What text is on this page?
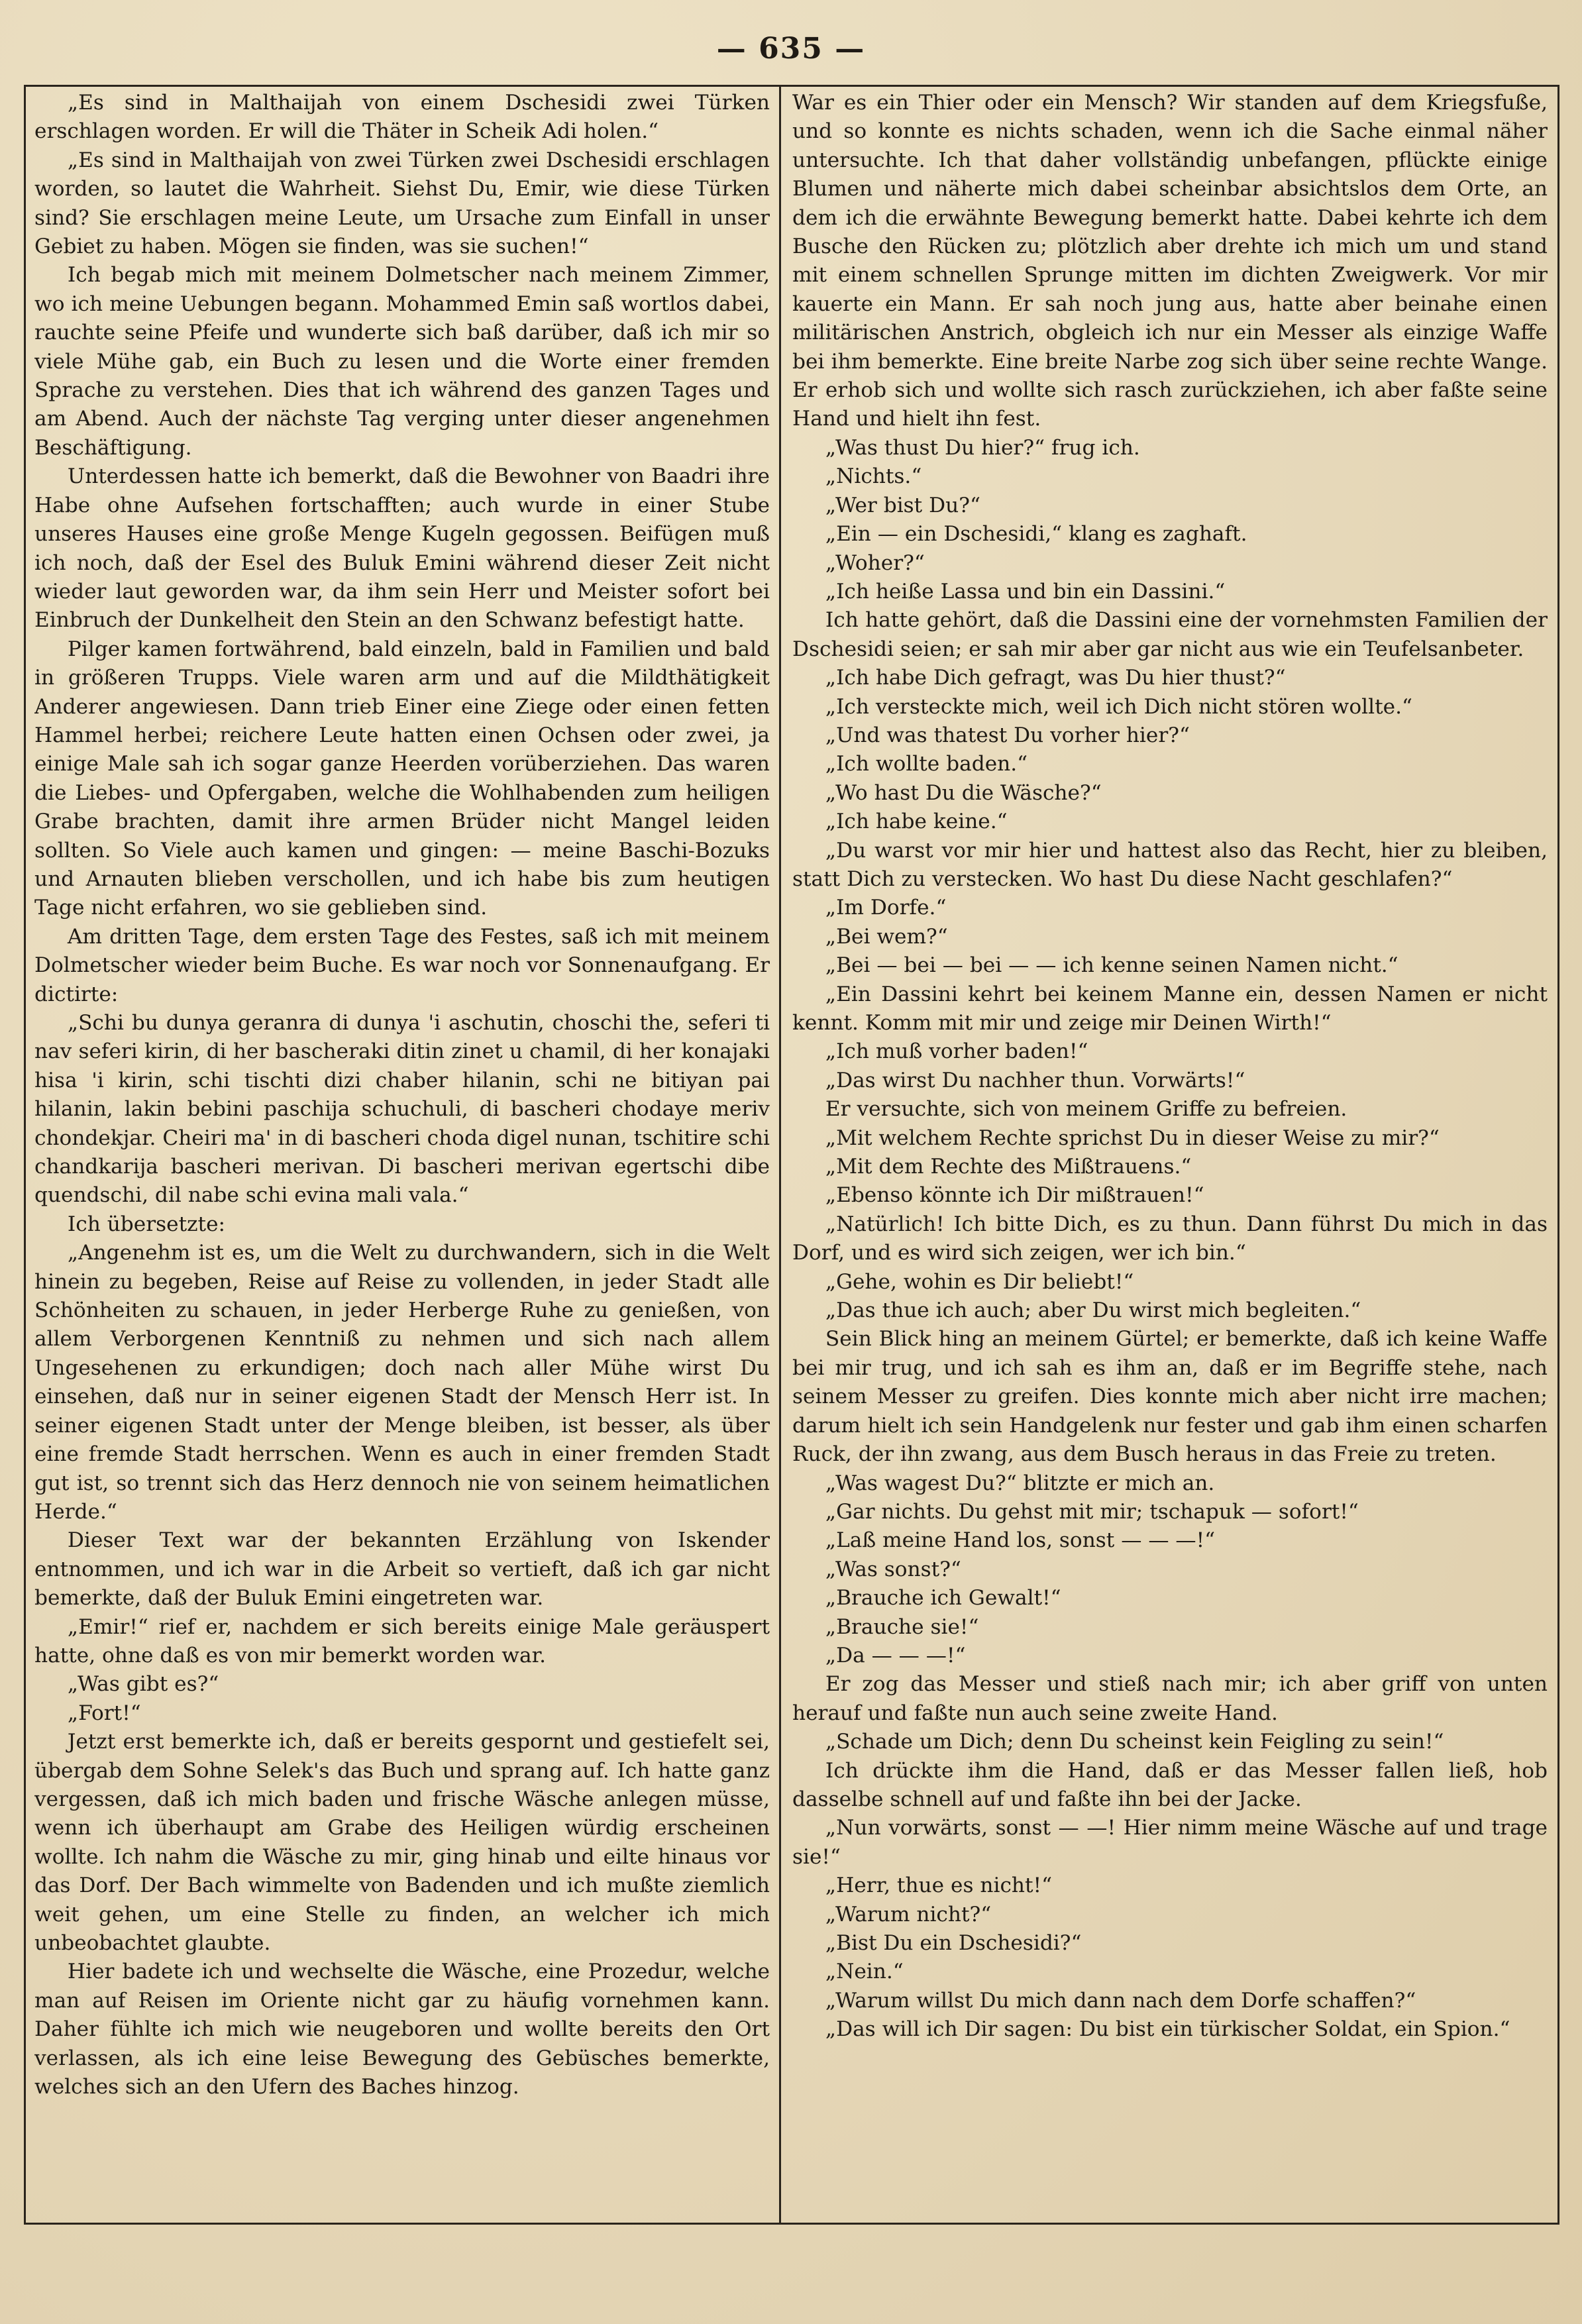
— 635 —

„Es sind in Malthaijah von einem Dschesidi zwei Türken erschlagen worden. Er will die Thäter in Scheik Adi holen.“

„Es sind in Malthaijah von zwei Türken zwei Dschesidi erschlagen worden, so lautet die Wahrheit. Siehst Du, Emir, wie diese Türken sind? Sie erschlagen meine Leute, um Ursache zum Einfall in unser Gebiet zu haben. Mögen sie finden, was sie suchen!“

Ich begab mich mit meinem Dolmetscher nach meinem Zimmer, wo ich meine Uebungen begann. Mohammed Emin saß wortlos dabei, rauchte seine Pfeife und wunderte sich baß darüber, daß ich mir so viele Mühe gab, ein Buch zu lesen und die Worte einer fremden Sprache zu verstehen. Dies that ich während des ganzen Tages und am Abend. Auch der nächste Tag verging unter dieser angenehmen Beschäftigung.

Unterdessen hatte ich bemerkt, daß die Bewohner von Baadri ihre Habe ohne Aufsehen fortschafften; auch wurde in einer Stube unseres Hauses eine große Menge Kugeln gegossen. Beifügen muß ich noch, daß der Esel des Buluk Emini während dieser Zeit nicht wieder laut geworden war, da ihm sein Herr und Meister sofort bei Einbruch der Dunkelheit den Stein an den Schwanz befestigt hatte.

Pilger kamen fortwährend, bald einzeln, bald in Familien und bald in größeren Trupps. Viele waren arm und auf die Mildthätigkeit Anderer angewiesen. Dann trieb Einer eine Ziege oder einen fetten Hammel herbei; reichere Leute hatten einen Ochsen oder zwei, ja einige Male sah ich sogar ganze Heerden vorüberziehen. Das waren die Liebes- und Opfergaben, welche die Wohlhabenden zum heiligen Grabe brachten, damit ihre armen Brüder nicht Mangel leiden sollten. So Viele auch kamen und gingen: — meine Baschi-Bozuks und Arnauten blieben verschollen, und ich habe bis zum heutigen Tage nicht erfahren, wo sie geblieben sind.

Am dritten Tage, dem ersten Tage des Festes, saß ich mit meinem Dolmetscher wieder beim Buche. Es war noch vor Sonnenaufgang. Er dictirte:

„Schi bu dunya geranra di dunya 'i aschutin, choschi the, seferi ti nav seferi kirin, di her bascheraki ditin zinet u chamil, di her konajaki hisa 'i kirin, schi tischti dizi chaber hilanin, schi ne bitiyan pai hilanin, lakin bebini paschija schuchuli, di bascheri chodaye meriv chondekjar. Cheiri ma' in di bascheri choda digel nunan, tschitire schi chandkarija bascheri merivan. Di bascheri merivan egertschi dibe quendschi, dil nabe schi evina mali vala.“

Ich übersetzte:

„Angenehm ist es, um die Welt zu durchwandern, sich in die Welt hinein zu begeben, Reise auf Reise zu vollenden, in jeder Stadt alle Schönheiten zu schauen, in jeder Herberge Ruhe zu genießen, von allem Verborgenen Kenntniß zu nehmen und sich nach allem Ungesehenen zu erkundigen; doch nach aller Mühe wirst Du einsehen, daß nur in seiner eigenen Stadt der Mensch Herr ist. In seiner eigenen Stadt unter der Menge bleiben, ist besser, als über eine fremde Stadt herrschen. Wenn es auch in einer fremden Stadt gut ist, so trennt sich das Herz dennoch nie von seinem heimatlichen Herde.“

Dieser Text war der bekannten Erzählung von Iskender entnommen, und ich war in die Arbeit so vertieft, daß ich gar nicht bemerkte, daß der Buluk Emini eingetreten war.

„Emir!“ rief er, nachdem er sich bereits einige Male geräuspert hatte, ohne daß es von mir bemerkt worden war.

„Was gibt es?“

„Fort!“

Jetzt erst bemerkte ich, daß er bereits gespornt und gestiefelt sei, übergab dem Sohne Selek's das Buch und sprang auf. Ich hatte ganz vergessen, daß ich mich baden und frische Wäsche anlegen müsse, wenn ich überhaupt am Grabe des Heiligen würdig erscheinen wollte. Ich nahm die Wäsche zu mir, ging hinab und eilte hinaus vor das Dorf. Der Bach wimmelte von Badenden und ich mußte ziemlich weit gehen, um eine Stelle zu finden, an welcher ich mich unbeobachtet glaubte.

Hier badete ich und wechselte die Wäsche, eine Prozedur, welche man auf Reisen im Oriente nicht gar zu häufig vornehmen kann. Daher fühlte ich mich wie neugeboren und wollte bereits den Ort verlassen, als ich eine leise Bewegung des Gebüsches bemerkte, welches sich an den Ufern des Baches hinzog.

War es ein Thier oder ein Mensch? Wir standen auf dem Kriegsfuße, und so konnte es nichts schaden, wenn ich die Sache einmal näher untersuchte. Ich that daher vollständig unbefangen, pflückte einige Blumen und näherte mich dabei scheinbar absichtslos dem Orte, an dem ich die erwähnte Bewegung bemerkt hatte. Dabei kehrte ich dem Busche den Rücken zu; plötzlich aber drehte ich mich um und stand mit einem schnellen Sprunge mitten im dichten Zweigwerk. Vor mir kauerte ein Mann. Er sah noch jung aus, hatte aber beinahe einen militärischen Anstrich, obgleich ich nur ein Messer als einzige Waffe bei ihm bemerkte. Eine breite Narbe zog sich über seine rechte Wange. Er erhob sich und wollte sich rasch zurückziehen, ich aber faßte seine Hand und hielt ihn fest.

„Was thust Du hier?“ frug ich.

„Nichts.“

„Wer bist Du?“

„Ein — ein Dschesidi,“ klang es zaghaft.

„Woher?“

„Ich heiße Lassa und bin ein Dassini.“

Ich hatte gehört, daß die Dassini eine der vornehmsten Familien der Dschesidi seien; er sah mir aber gar nicht aus wie ein Teufelsanbeter.

„Ich habe Dich gefragt, was Du hier thust?“

„Ich versteckte mich, weil ich Dich nicht stören wollte.“

„Und was thatest Du vorher hier?“

„Ich wollte baden.“

„Wo hast Du die Wäsche?“

„Ich habe keine.“

„Du warst vor mir hier und hattest also das Recht, hier zu bleiben, statt Dich zu verstecken. Wo hast Du diese Nacht geschlafen?“

„Im Dorfe.“

„Bei wem?“

„Bei — bei — bei — — ich kenne seinen Namen nicht.“

„Ein Dassini kehrt bei keinem Manne ein, dessen Namen er nicht kennt. Komm mit mir und zeige mir Deinen Wirth!“

„Ich muß vorher baden!“

„Das wirst Du nachher thun. Vorwärts!“

Er versuchte, sich von meinem Griffe zu befreien.

„Mit welchem Rechte sprichst Du in dieser Weise zu mir?“

„Mit dem Rechte des Mißtrauens.“

„Ebenso könnte ich Dir mißtrauen!“

„Natürlich! Ich bitte Dich, es zu thun. Dann führst Du mich in das Dorf, und es wird sich zeigen, wer ich bin.“

„Gehe, wohin es Dir beliebt!“

„Das thue ich auch; aber Du wirst mich begleiten.“

Sein Blick hing an meinem Gürtel; er bemerkte, daß ich keine Waffe bei mir trug, und ich sah es ihm an, daß er im Begriffe stehe, nach seinem Messer zu greifen. Dies konnte mich aber nicht irre machen; darum hielt ich sein Handgelenk nur fester und gab ihm einen scharfen Ruck, der ihn zwang, aus dem Busch heraus in das Freie zu treten.

„Was wagest Du?“ blitzte er mich an.

„Gar nichts. Du gehst mit mir; tschapuk — sofort!“

„Laß meine Hand los, sonst — — —!“

„Was sonst?“

„Brauche ich Gewalt!“

„Brauche sie!“

„Da — — —!“

Er zog das Messer und stieß nach mir; ich aber griff von unten herauf und faßte nun auch seine zweite Hand.

„Schade um Dich; denn Du scheinst kein Feigling zu sein!“

Ich drückte ihm die Hand, daß er das Messer fallen ließ, hob dasselbe schnell auf und faßte ihn bei der Jacke.

„Nun vorwärts, sonst — —! Hier nimm meine Wäsche auf und trage sie!“

„Herr, thue es nicht!“

„Warum nicht?“

„Bist Du ein Dschesidi?“

„Nein.“

„Warum willst Du mich dann nach dem Dorfe schaffen?“

„Das will ich Dir sagen: Du bist ein türkischer Soldat, ein Spion.“
